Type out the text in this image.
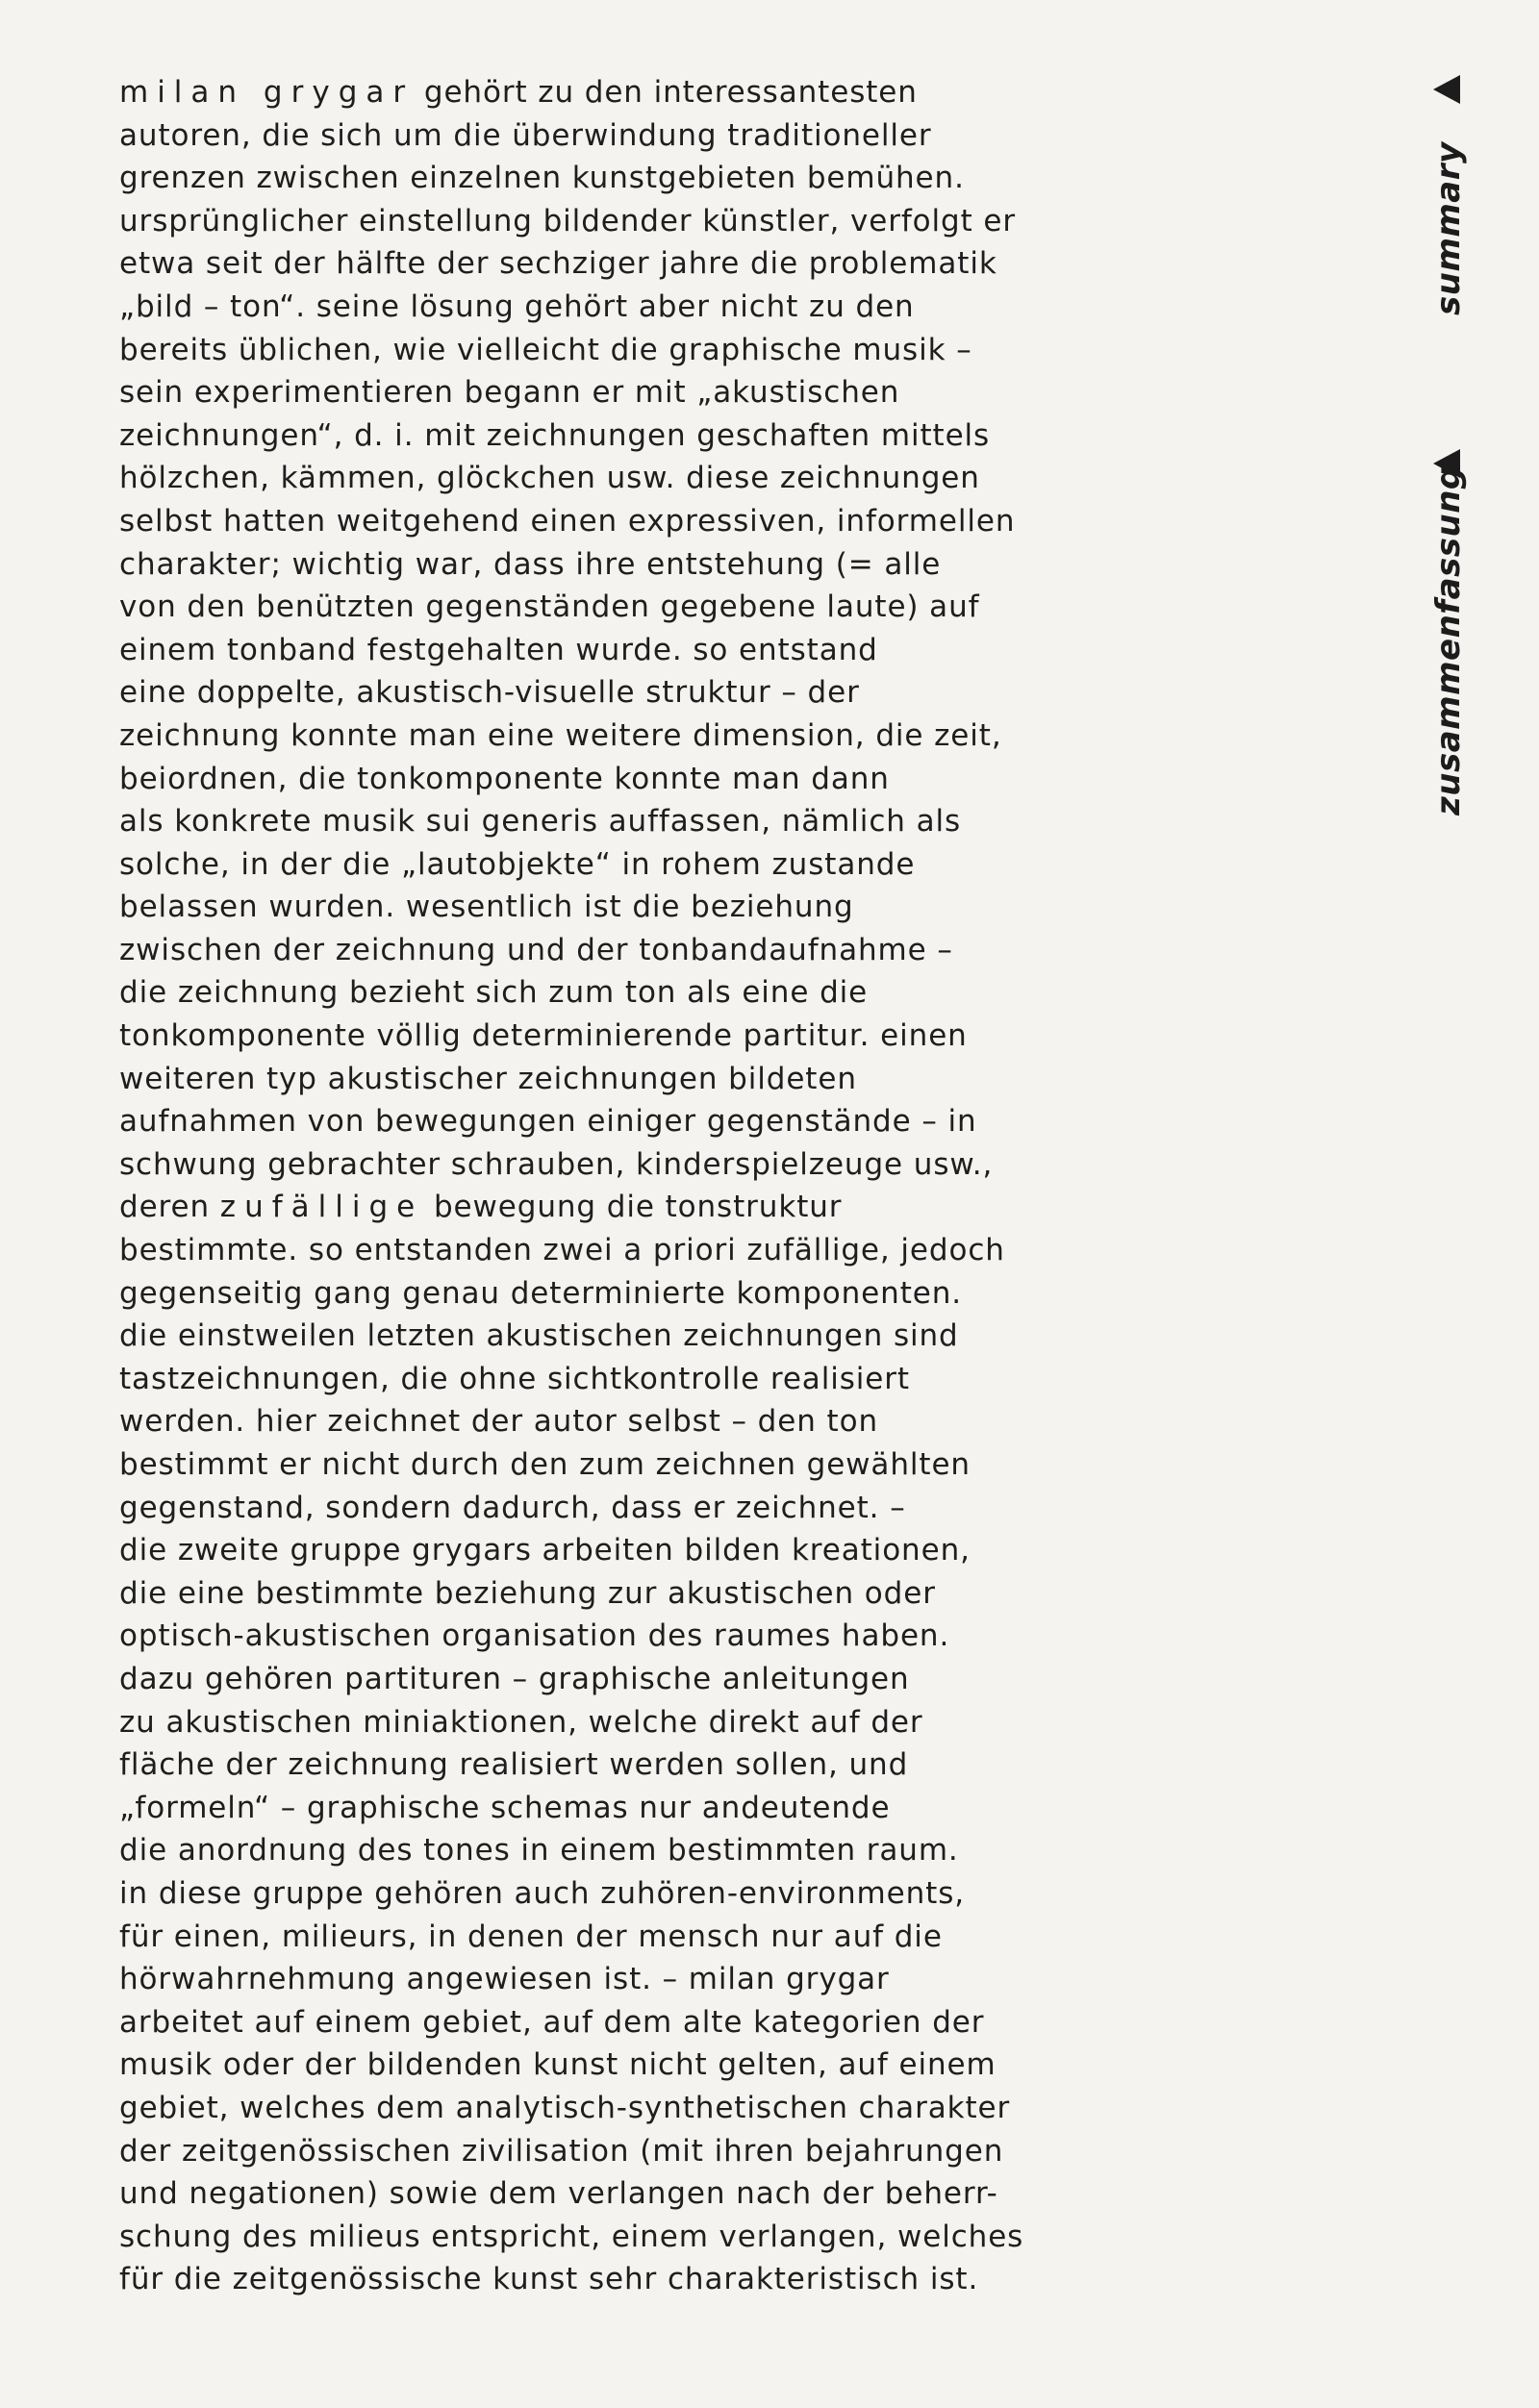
milan grygar gehört zu den interessantesten
autoren, die sich um die überwindung traditioneller
grenzen zwischen einzelnen kunstgebieten bemühen.
ursprünglicher einstellung bildender künstler, verfolgt er
etwa seit der hälfte der sechziger jahre die problematik
„bild – ton“. seine lösung gehört aber nicht zu den
bereits üblichen, wie vielleicht die graphische musik –
sein experimentieren begann er mit „akustischen
zeichnungen“, d. i. mit zeichnungen geschaften mittels
hölzchen, kämmen, glöckchen usw. diese zeichnungen
selbst hatten weitgehend einen expressiven, informellen
charakter; wichtig war, dass ihre entstehung (= alle
von den benützten gegenständen gegebene laute) auf
einem tonband festgehalten wurde. so entstand
eine doppelte, akustisch-visuelle struktur – der
zeichnung konnte man eine weitere dimension, die zeit,
beiordnen, die tonkomponente konnte man dann
als konkrete musik sui generis auffassen, nämlich als
solche, in der die „lautobjekte“ in rohem zustande
belassen wurden. wesentlich ist die beziehung
zwischen der zeichnung und der tonbandaufnahme –
die zeichnung bezieht sich zum ton als eine die
tonkomponente völlig determinierende partitur. einen
weiteren typ akustischer zeichnungen bildeten
aufnahmen von bewegungen einiger gegenstände – in
schwung gebrachter schrauben, kinderspielzeuge usw.,
deren zufällige bewegung die tonstruktur
bestimmte. so entstanden zwei a priori zufällige, jedoch
gegenseitig gang genau determinierte komponenten.
die einstweilen letzten akustischen zeichnungen sind
tastzeichnungen, die ohne sichtkontrolle realisiert
werden. hier zeichnet der autor selbst – den ton
bestimmt er nicht durch den zum zeichnen gewählten
gegenstand, sondern dadurch, dass er zeichnet. –
die zweite gruppe grygars arbeiten bilden kreationen,
die eine bestimmte beziehung zur akustischen oder
optisch-akustischen organisation des raumes haben.
dazu gehören partituren – graphische anleitungen
zu akustischen miniaktionen, welche direkt auf der
fläche der zeichnung realisiert werden sollen, und
„formeln“ – graphische schemas nur andeutende
die anordnung des tones in einem bestimmten raum.
in diese gruppe gehören auch zuhören-environments,
für einen, milieurs, in denen der mensch nur auf die
hörwahrnehmung angewiesen ist. – milan grygar
arbeitet auf einem gebiet, auf dem alte kategorien der
musik oder der bildenden kunst nicht gelten, auf einem
gebiet, welches dem analytisch-synthetischen charakter
der zeitgenössischen zivilisation (mit ihren bejahrungen
und negationen) sowie dem verlangen nach der beherr-
schung des milieus entspricht, einem verlangen, welches
für die zeitgenössische kunst sehr charakteristisch ist.

summary
zusammenfassung
